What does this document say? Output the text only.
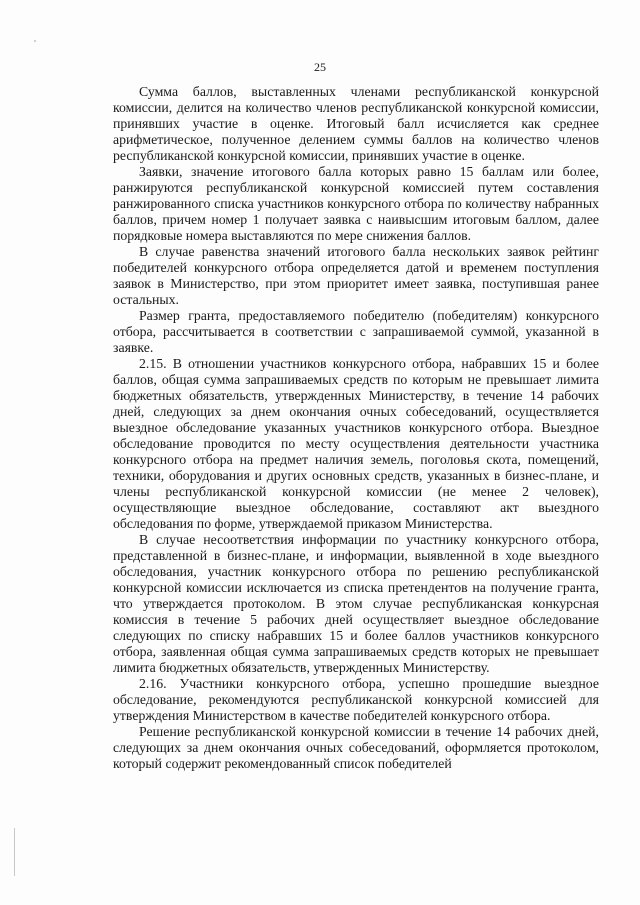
25

Сумма баллов, выставленных членами республиканской конкурсной комиссии, делится на количество членов республиканской конкурсной комиссии, принявших участие в оценке. Итоговый балл исчисляется как среднее арифметическое, полученное делением суммы баллов на количество членов республиканской конкурсной комиссии, принявших участие в оценке.

Заявки, значение итогового балла которых равно 15 баллам или более, ранжируются республиканской конкурсной комиссией путем составления ранжированного списка участников конкурсного отбора по количеству набранных баллов, причем номер 1 получает заявка с наивысшим итоговым баллом, далее порядковые номера выставляются по мере снижения баллов.

В случае равенства значений итогового балла нескольких заявок рейтинг победителей конкурсного отбора определяется датой и временем поступления заявок в Министерство, при этом приоритет имеет заявка, поступившая ранее остальных.

Размер гранта, предоставляемого победителю (победителям) конкурсного отбора, рассчитывается в соответствии с запрашиваемой суммой, указанной в заявке.

2.15. В отношении участников конкурсного отбора, набравших 15 и более баллов, общая сумма запрашиваемых средств по которым не превышает лимита бюджетных обязательств, утвержденных Министерству, в течение 14 рабочих дней, следующих за днем окончания очных собеседований, осуществляется выездное обследование указанных участников конкурсного отбора. Выездное обследование проводится по месту осуществления деятельности участника конкурсного отбора на предмет наличия земель, поголовья скота, помещений, техники, оборудования и других основных средств, указанных в бизнес-плане, и члены республиканской конкурсной комиссии (не менее 2 человек), осуществляющие выездное обследование, составляют акт выездного обследования по форме, утверждаемой приказом Министерства.

В случае несоответствия информации по участнику конкурсного отбора, представленной в бизнес-плане, и информации, выявленной в ходе выездного обследования, участник конкурсного отбора по решению республиканской конкурсной комиссии исключается из списка претендентов на получение гранта, что утверждается протоколом. В этом случае республиканская конкурсная комиссия в течение 5 рабочих дней осуществляет выездное обследование следующих по списку набравших 15 и более баллов участников конкурсного отбора, заявленная общая сумма запрашиваемых средств которых не превышает лимита бюджетных обязательств, утвержденных Министерству.

2.16. Участники конкурсного отбора, успешно прошедшие выездное обследование, рекомендуются республиканской конкурсной комиссией для утверждения Министерством в качестве победителей конкурсного отбора.

Решение республиканской конкурсной комиссии в течение 14 рабочих дней, следующих за днем окончания очных собеседований, оформляется протоколом, который содержит рекомендованный список победителей
